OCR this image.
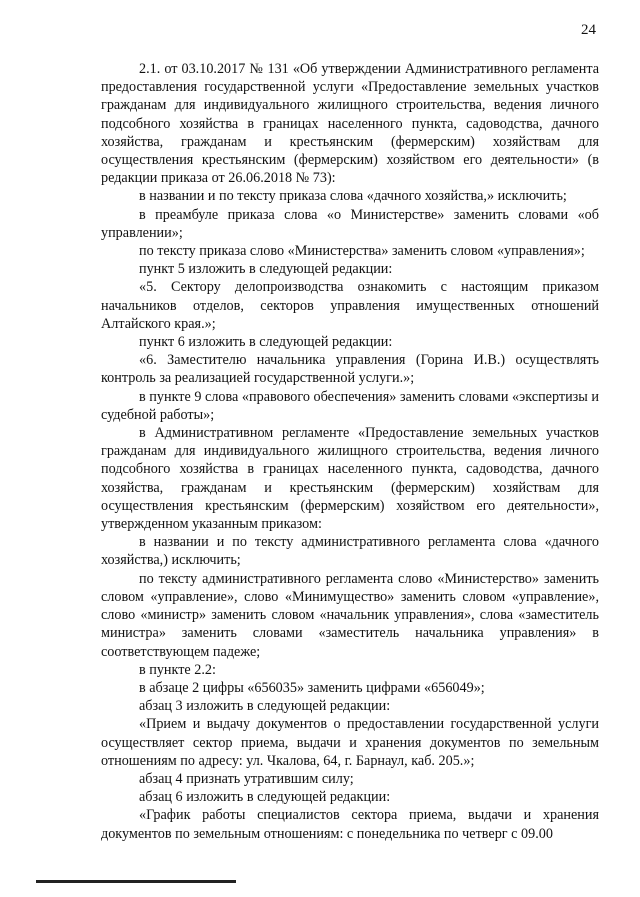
24

2.1. от 03.10.2017 № 131 «Об утверждении Административного регламента предоставления государственной услуги «Предоставление земельных участков гражданам для индивидуального жилищного строительства, ведения личного подсобного хозяйства в границах населенного пункта, садоводства, дачного хозяйства, гражданам и крестьянским (фермерским) хозяйствам для осуществления крестьянским (фермерским) хозяйством его деятельности» (в редакции приказа от 26.06.2018 № 73):

в названии и по тексту приказа слова «дачного хозяйства,» исключить;

в преамбуле приказа слова «о Министерстве» заменить словами «об управлении»;

по тексту приказа слово «Министерства» заменить словом «управления»;

пункт 5 изложить в следующей редакции:

«5. Сектору делопроизводства ознакомить с настоящим приказом начальников отделов, секторов управления имущественных отношений Алтайского края.»;

пункт 6 изложить в следующей редакции:

«6. Заместителю начальника управления (Горина И.В.) осуществлять контроль за реализацией государственной услуги.»;

в пункте 9 слова «правового обеспечения» заменить словами «экспертизы и судебной работы»;

в Административном регламенте «Предоставление земельных участков гражданам для индивидуального жилищного строительства, ведения личного подсобного хозяйства в границах населенного пункта, садоводства, дачного хозяйства, гражданам и крестьянским (фермерским) хозяйствам для осуществления крестьянским (фермерским) хозяйством его деятельности», утвержденном указанным приказом:

в названии и по тексту административного регламента слова «дачного хозяйства,) исключить;

по тексту административного регламента слово «Министерство» заменить словом «управление», слово «Минимущество» заменить словом «управление», слово «министр» заменить словом «начальник управления», слова «заместитель министра» заменить словами «заместитель начальника управления» в соответствующем падеже;

в пункте 2.2:

в абзаце 2 цифры «656035» заменить цифрами «656049»;

абзац 3 изложить в следующей редакции:

«Прием и выдачу документов о предоставлении государственной услуги осуществляет сектор приема, выдачи и хранения документов по земельным отношениям по адресу: ул. Чкалова, 64, г. Барнаул, каб. 205.»;

абзац 4 признать утратившим силу;

абзац 6 изложить в следующей редакции:

«График работы специалистов сектора приема, выдачи и хранения документов по земельным отношениям: с понедельника по четверг с 09.00
